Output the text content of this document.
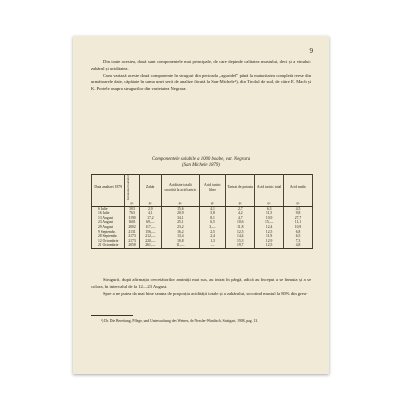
9

Din toate acestea, două sunt componentele mai principale, de care depinde calitatea mustului, deci și a vinului: zahărul și aciditatea.

Cum variază aceste două componente în struguri din perioada „agurideî” până la maturitatea completă reese din următoarele date, căpătate în urma unei serii de analize făcută la San-Michele¹), din Tirolul de sud, de către E. Mach și K. Portele asupra strugurilor din varietatea Negrara:

Componentele solubile a 1000 boabe, var. Negrara
(San Michele 1879)
Data analizei 1879	Greutatea boabelor	Zahăr	Aciditate totală socotită la acid tartric	Acid tartric liber	Tartrat de potasiu	Acid tartric total	Acid malic
	gr.	gr.	gr.	gr.	gr.	gr.	gr.
6 Iulie	503	2,9	15,6	4,1	2,7	6,3	4,5
16 Iulie	763	4,1	20,9	5,8	4,2	11,5	9,8
13 August	1190	17,2	34,1	8,1	4,7	10,9	27,7
23 August	1601	69,—	25,1	6,5	10,6	15,—	11,1
29 August	2002	117,—	23,2	3,—	11,8	12,4	10,9
9 Septembr.	2131	156,—	16,2	2,5	12,5	12,5	6,8
28 Septembr.	2173	212,—	13,4	2,4	14,4	11,9	6,5
12 Octombrie	2173	220,—	10,8	1,3	15,3	12,9	7,3
21 Octombrie	2058	261,—	11,—	—	19,7	12,5	4,8

Strugurii, după afirmația cercetătorilor amintiți mai sus, au intrat în pârgă, adică au început a se înmuia și a se colora, în intervalul de la 12—23 August.

Spre a ne putea da mai bine seama de proporția acidității totale și a zahărului, socotind mustul la 80% din greu-

¹) Dr. Die Bereitung, Pflege, und Untersuchung des Weines, de Nessler-Windisch. Stuttgart, 1908, pag. 13.
